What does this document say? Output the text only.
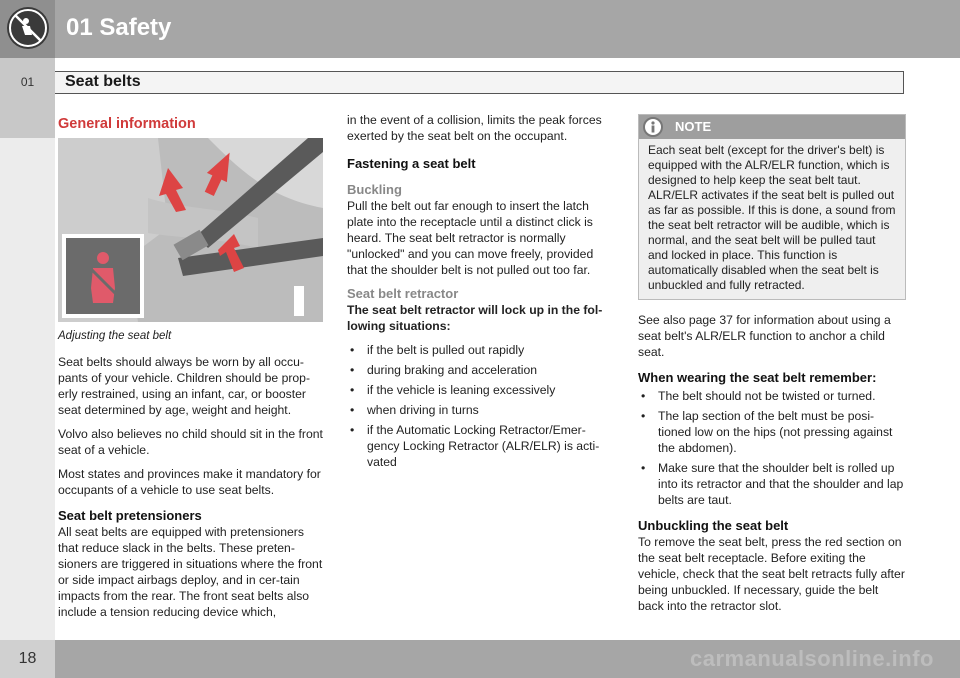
01 Safety
01	Seat belts
General information
Adjusting the seat belt

Seat belts should always be worn by all occu-pants of your vehicle. Children should be prop-erly restrained, using an infant, car, or booster seat determined by age, weight and height.

Volvo also believes no child should sit in the front seat of a vehicle.

Most states and provinces make it mandatory for occupants of a vehicle to use seat belts.

Seat belt pretensioners

All seat belts are equipped with pretensioners that reduce slack in the belts. These preten-sioners are triggered in situations where the front or side impact airbags deploy, and in cer-tain impacts from the rear. The front seat belts also include a tension reducing device which,

in the event of a collision, limits the peak forces exerted by the seat belt on the occupant.

Fastening a seat belt
Buckling

Pull the belt out far enough to insert the latch plate into the receptacle until a distinct click is heard. The seat belt retractor is normally "unlocked" and you can move freely, provided that the shoulder belt is not pulled out too far.

Seat belt retractor

The seat belt retractor will lock up in the fol-lowing situations:

• if the belt is pulled out rapidly
• during braking and acceleration
• if the vehicle is leaning excessively
• when driving in turns
• if the Automatic Locking Retractor/Emer-gency Locking Retractor (ALR/ELR) is acti-vated
NOTE
Each seat belt (except for the driver's belt) is equipped with the ALR/ELR function, which is designed to help keep the seat belt taut. ALR/ELR activates if the seat belt is pulled out as far as possible. If this is done, a sound from the seat belt retractor will be audible, which is normal, and the seat belt will be pulled taut and locked in place. This function is automatically disabled when the seat belt is unbuckled and fully retracted.

See also page 37 for information about using a seat belt's ALR/ELR function to anchor a child seat.

When wearing the seat belt remember:
• The belt should not be twisted or turned.
• The lap section of the belt must be posi-tioned low on the hips (not pressing against the abdomen).
• Make sure that the shoulder belt is rolled up into its retractor and that the shoulder and lap belts are taut.
Unbuckling the seat belt

To remove the seat belt, press the red section on the seat belt receptacle. Before exiting the vehicle, check that the seat belt retracts fully after being unbuckled. If necessary, guide the belt back into the retractor slot.

18	carmanualsonline.info
